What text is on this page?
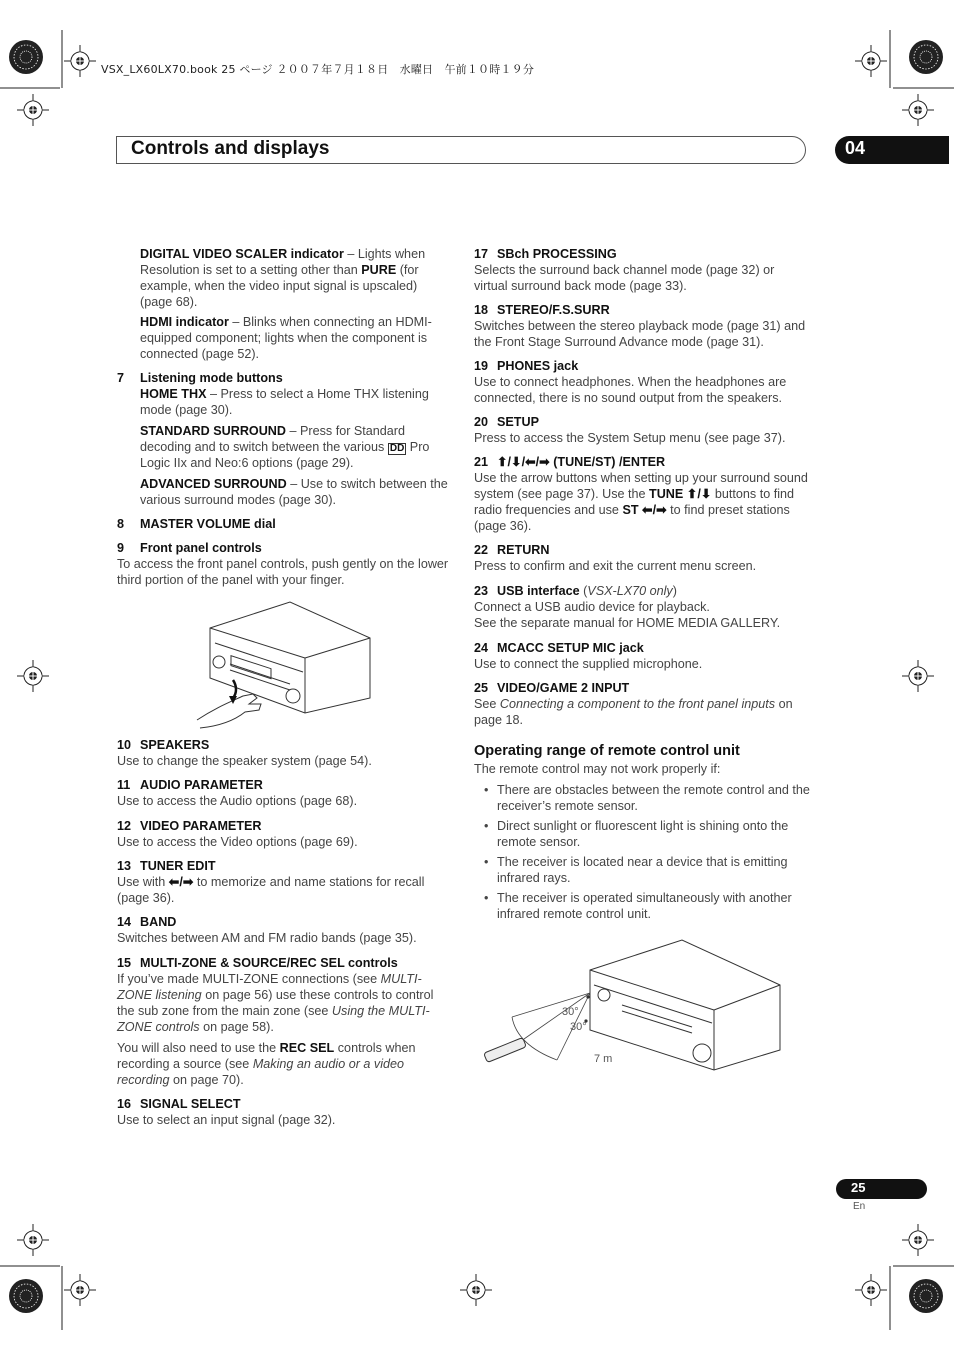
VSX_LX60LX70.book 25 ページ ２００７年７月１８日　水曜日　午前１０時１９分
Controls and displays	04

DIGITAL VIDEO SCALER indicator – Lights when Resolution is set to a setting other than PURE (for example, when the video input signal is upscaled) (page 68).

HDMI indicator – Blinks when connecting an HDMI-equipped component; lights when the component is connected (page 52).

7 Listening mode buttons

HOME THX – Press to select a Home THX listening mode (page 30).

STANDARD SURROUND – Press for Standard decoding and to switch between the various DD Pro Logic IIx and Neo:6 options (page 29).

ADVANCED SURROUND – Use to switch between the various surround modes (page 30).

8 MASTER VOLUME dial

9 Front panel controls

To access the front panel controls, push gently on the lower third portion of the panel with your finger.

10 SPEAKERS

Use to change the speaker system (page 54).

11 AUDIO PARAMETER

Use to access the Audio options (page 68).

12 VIDEO PARAMETER

Use to access the Video options (page 69).

13 TUNER EDIT

Use with ⬅/➡ to memorize and name stations for recall (page 36).

14 BAND

Switches between AM and FM radio bands (page 35).

15 MULTI-ZONE & SOURCE/REC SEL controls

If you’ve made MULTI-ZONE connections (see MULTI-ZONE listening on page 56) use these controls to control the sub zone from the main zone (see Using the MULTI-ZONE controls on page 58).

You will also need to use the REC SEL controls when recording a source (see Making an audio or a video recording on page 70).

16 SIGNAL SELECT

Use to select an input signal (page 32).

17 SBch PROCESSING

Selects the surround back channel mode (page 32) or virtual surround back mode (page 33).

18 STEREO/F.S.SURR

Switches between the stereo playback mode (page 31) and the Front Stage Surround Advance mode (page 31).

19 PHONES jack

Use to connect headphones. When the headphones are connected, there is no sound output from the speakers.

20 SETUP

Press to access the System Setup menu (see page 37).

21 ⬆/⬇/⬅/➡ (TUNE/ST) /ENTER

Use the arrow buttons when setting up your surround sound system (see page 37). Use the TUNE ⬆/⬇ buttons to find radio frequencies and use ST ⬅/➡ to find preset stations (page 36).

22 RETURN

Press to confirm and exit the current menu screen.

23 USB interface (VSX-LX70 only)

Connect a USB audio device for playback.

See the separate manual for HOME MEDIA GALLERY.

24 MCACC SETUP MIC jack

Use to connect the supplied microphone.

25 VIDEO/GAME 2 INPUT

See Connecting a component to the front panel inputs on page 18.

Operating range of remote control unit

The remote control may not work properly if:

• There are obstacles between the remote control and the receiver’s remote sensor.
• Direct sunlight or fluorescent light is shining onto the remote sensor.
• The receiver is located near a device that is emitting infrared rays.
• The receiver is operated simultaneously with another infrared remote control unit.
30°
30°
7 m
25
En
